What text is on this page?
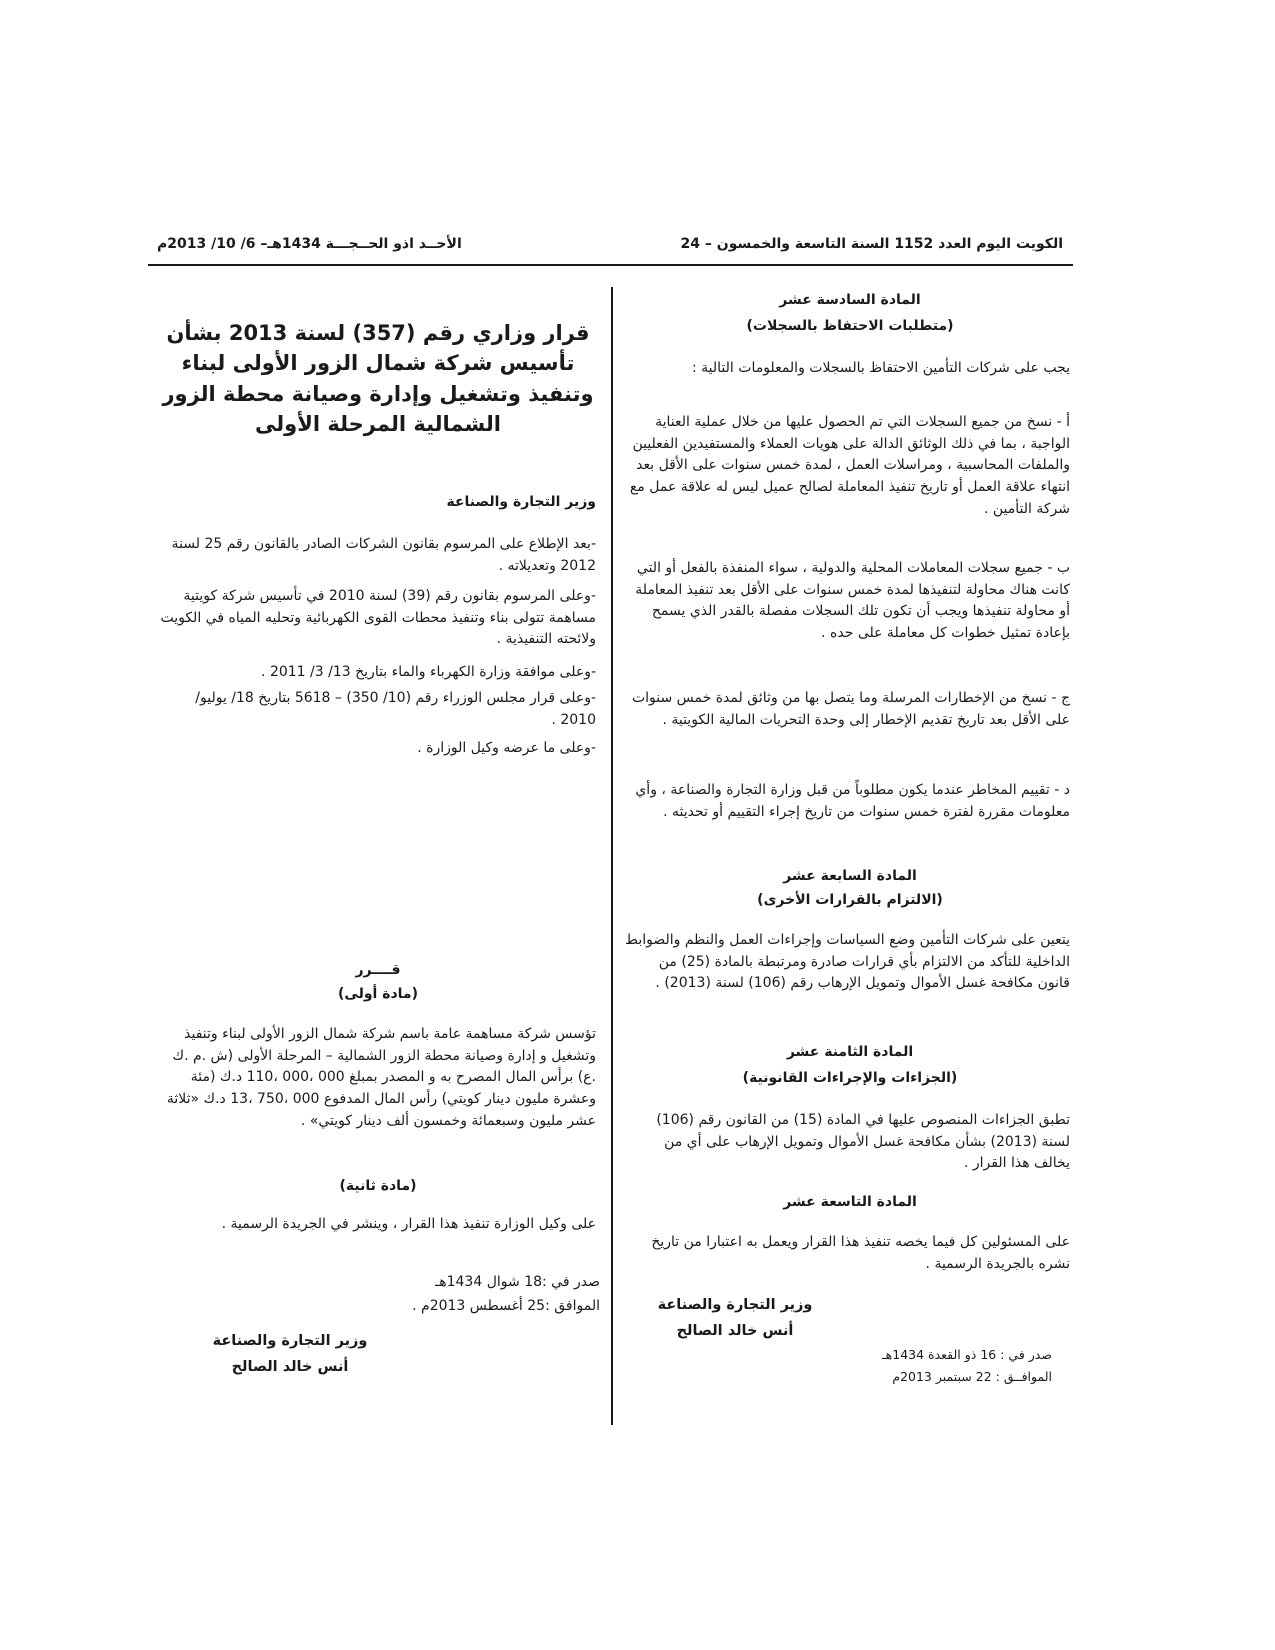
الكويت اليوم العدد 1152 السنة التاسعة والخمسون – 24
الأحــد اذو الحــجـــة 1434هـ– 6/ 10/ 2013م
المادة السادسة عشر
(متطلبات الاحتفاظ بالسجلات)

يجب على شركات التأمين الاحتفاظ بالسجلات والمعلومات التالية :

أ - نسخ من جميع السجلات التي تم الحصول عليها من خلال عملية العناية الواجبة ، بما في ذلك الوثائق الدالة على هويات العملاء والمستفيدين الفعليين والملفات المحاسبية ، ومراسلات العمل ، لمدة خمس سنوات على الأقل بعد انتهاء علاقة العمل أو تاريخ تنفيذ المعاملة لصالح عميل ليس له علاقة عمل مع شركة التأمين .

ب - جميع سجلات المعاملات المحلية والدولية ، سواء المنفذة بالفعل أو التي كانت هناك محاولة لتنفيذها لمدة خمس سنوات على الأقل بعد تنفيذ المعاملة أو محاولة تنفيذها ويجب أن تكون تلك السجلات مفصلة بالقدر الذي يسمح بإعادة تمثيل خطوات كل معاملة على حده .

ج - نسخ من الإخطارات المرسلة وما يتصل بها من وثائق لمدة خمس سنوات على الأقل بعد تاريخ تقديم الإخطار إلى وحدة التحريات المالية الكويتية .

د - تقييم المخاطر عندما يكون مطلوباً من قبل وزارة التجارة والصناعة ، وأي معلومات مقررة لفترة خمس سنوات من تاريخ إجراء التقييم أو تحديثه .

المادة السابعة عشر
(الالتزام بالقرارات الأخرى)

يتعين على شركات التأمين وضع السياسات وإجراءات العمل والنظم والضوابط الداخلية للتأكد من الالتزام بأي قرارات صادرة ومرتبطة بالمادة (25) من قانون مكافحة غسل الأموال وتمويل الإرهاب رقم (106) لسنة (2013) .

المادة الثامنة عشر
(الجزاءات والإجراءات القانونية)

تطبق الجزاءات المنصوص عليها في المادة (15) من القانون رقم (106) لسنة (2013) بشأن مكافحة غسل الأموال وتمويل الإرهاب على أي من يخالف هذا القرار .

المادة التاسعة عشر

على المسئولين كل فيما يخصه تنفيذ هذا القرار ويعمل به اعتبارا من تاريخ نشره بالجريدة الرسمية .

وزير التجارة والصناعة
أنس خالد الصالح
صدر في : 16 ذو القعدة 1434هـ
الموافــق : 22 سبتمبر 2013م
قرار وزاري رقم (357) لسنة 2013 بشأن تأسيس شركة شمال الزور الأولى لبناء وتنفيذ وتشغيل وإدارة وصيانة محطة الزور الشمالية المرحلة الأولى
وزير التجارة والصناعة

-بعد الإطلاع على المرسوم بقانون الشركات الصادر بالقانون رقم 25 لسنة 2012 وتعديلاته .

-وعلى المرسوم بقانون رقم (39) لسنة 2010 في تأسيس شركة كويتية مساهمة تتولى بناء وتنفيذ محطات القوى الكهربائية وتحليه المياه في الكويت ولائحته التنفيذية .

-وعلى موافقة وزارة الكهرباء والماء بتاريخ 13/ 3/ 2011 .

-وعلى قرار مجلس الوزراء رقم (10/ 350) – 5618 بتاريخ 18/ يوليو/ 2010 .

-وعلى ما عرضه وكيل الوزارة .

قــــرر
(مادة أولى)

تؤسس شركة مساهمة عامة باسم شركة شمال الزور الأولى لبناء وتنفيذ وتشغيل و إدارة وصيانة محطة الزور الشمالية – المرحلة الأولى (ش .م .ك .ع) برأس المال المصرح به و المصدر بمبلغ 000 ،000 ،110 د.ك (مئة وعشرة مليون دينار كويتي) رأس المال المدفوع 000 ،750 ،13 د.ك «ثلاثة عشر مليون وسبعمائة وخمسون ألف دينار كويتي» .

(مادة ثانية)

على وكيل الوزارة تنفيذ هذا القرار ، وينشر في الجريدة الرسمية .

صدر في :18 شوال 1434هـ
الموافق :25 أغسطس 2013م .
وزير التجارة والصناعة
أنس خالد الصالح
